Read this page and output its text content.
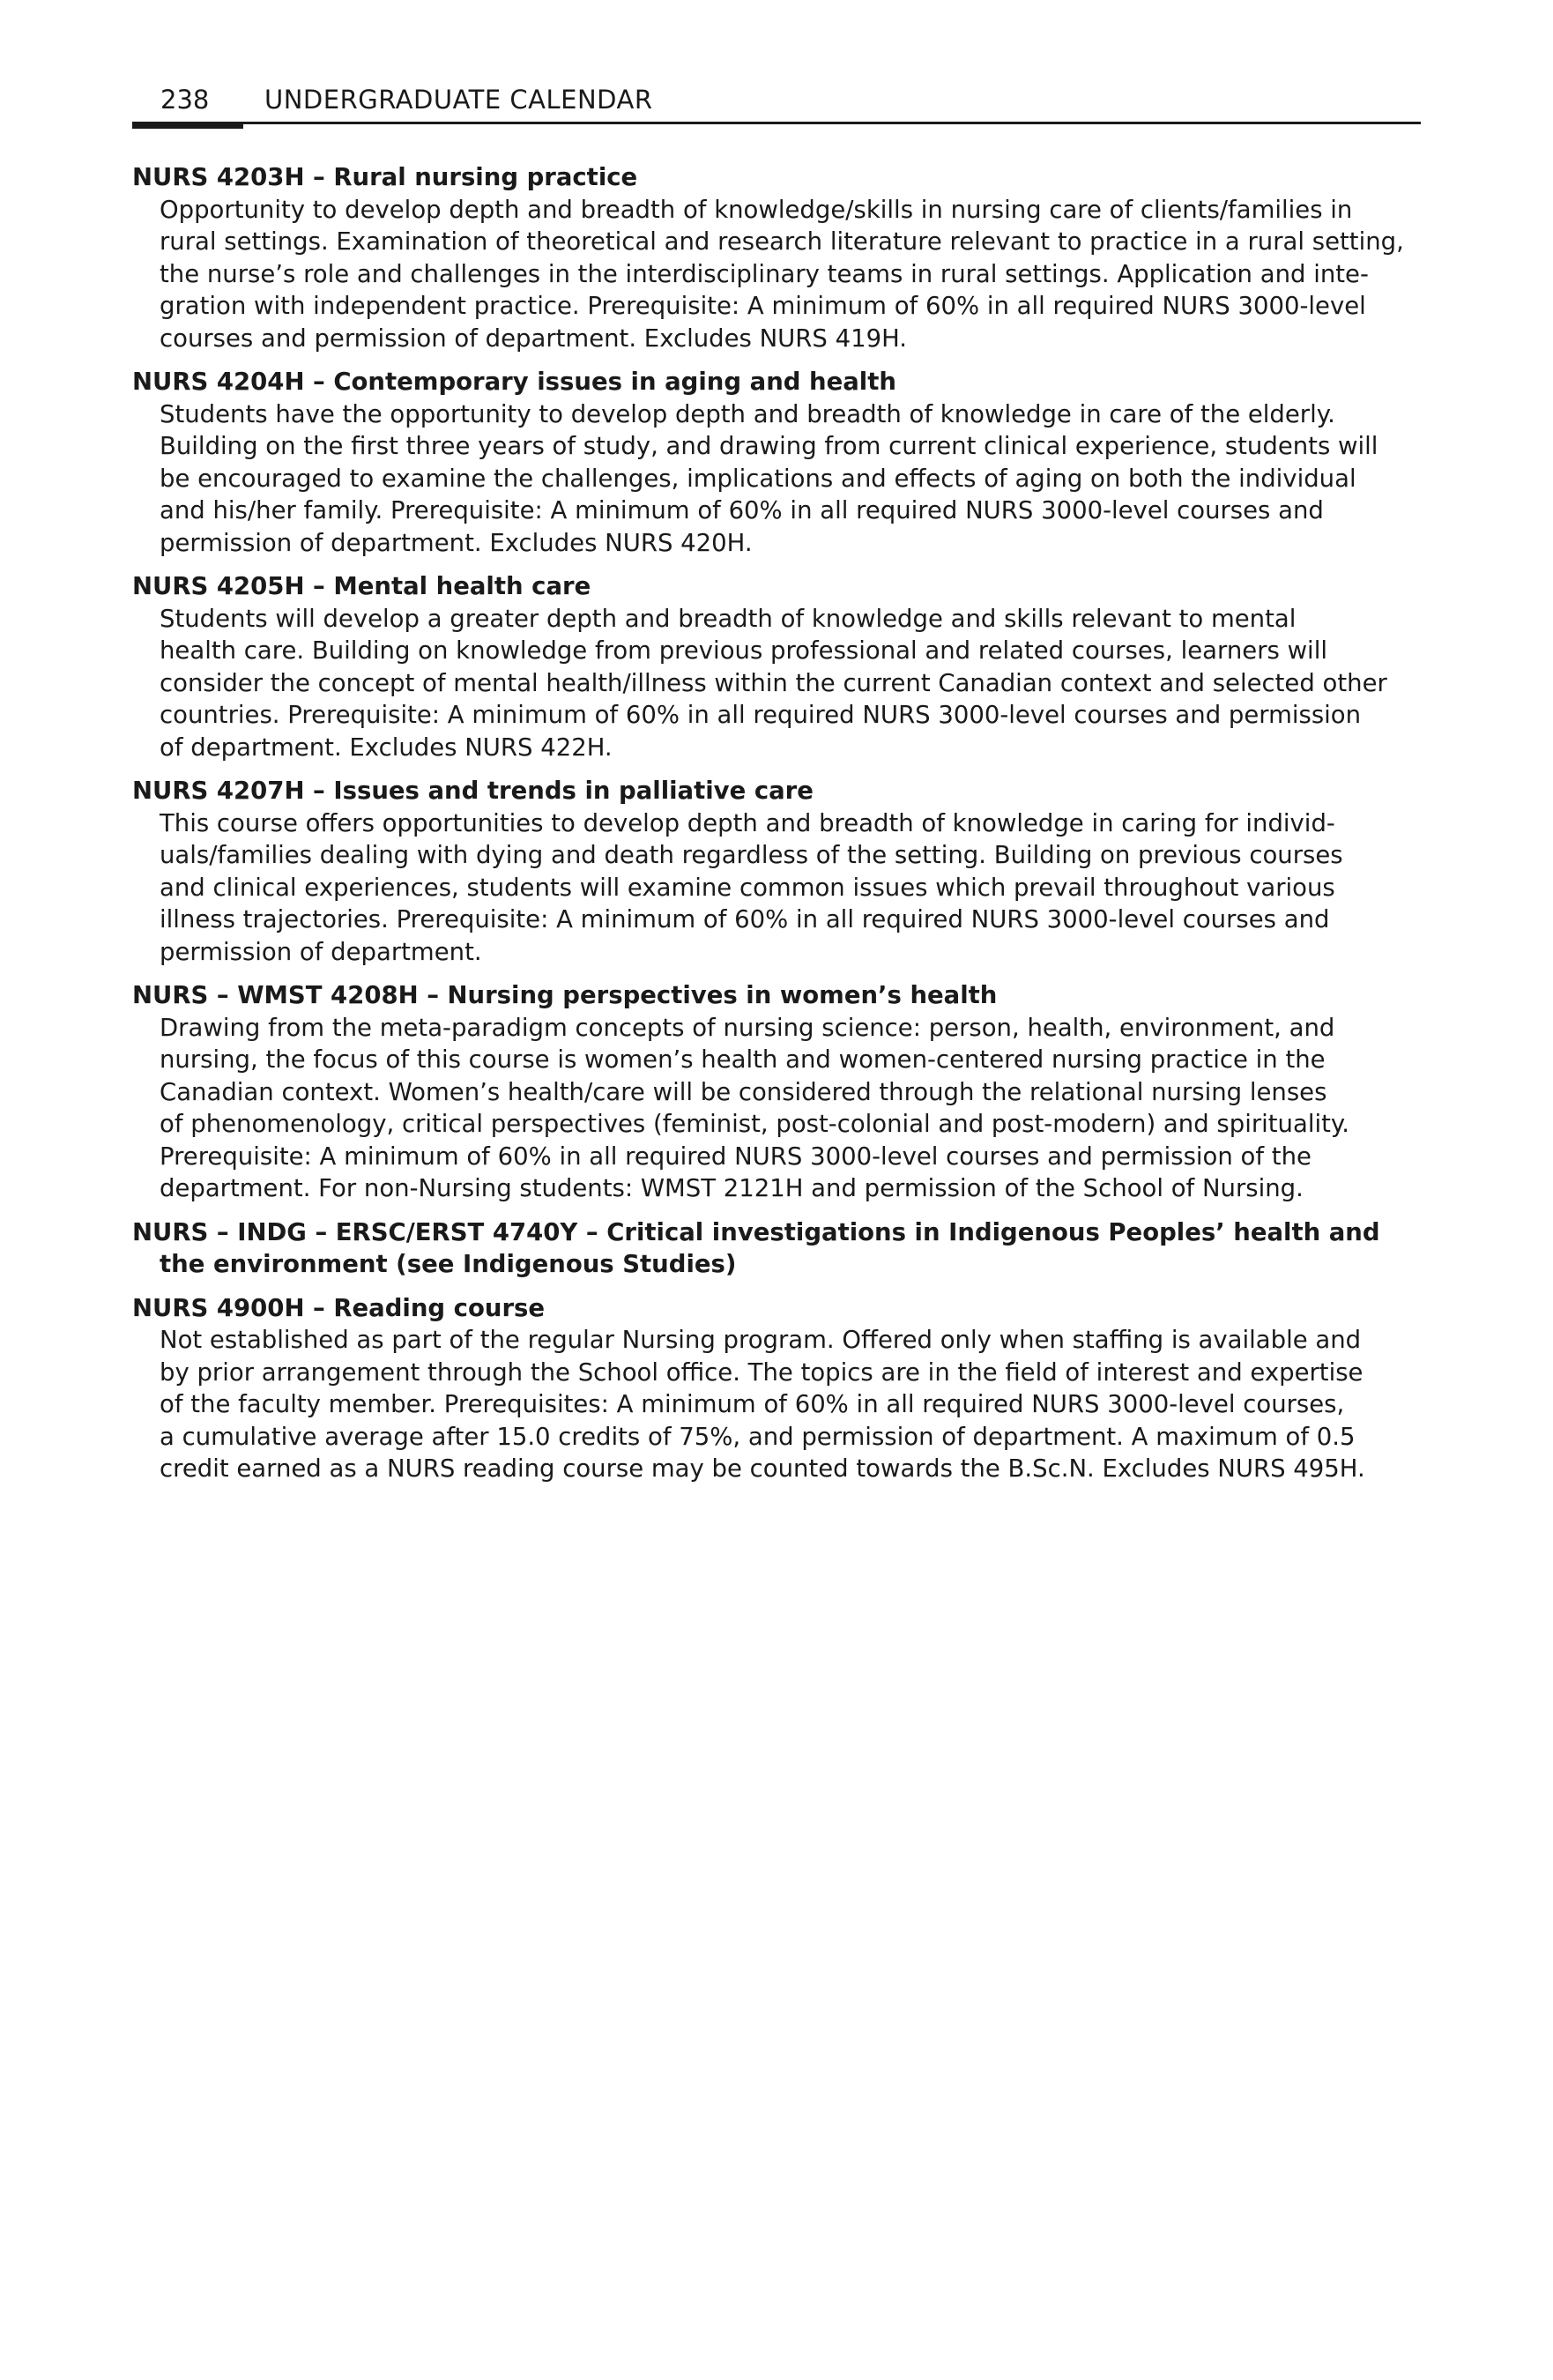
238 UNDERGRADUATE CALENDAR
NURS 4203H – Rural nursing practice
Opportunity to develop depth and breadth of knowledge/skills in nursing care of clients/families in
rural settings. Examination of theoretical and research literature relevant to practice in a rural setting,
the nurse’s role and challenges in the interdisciplinary teams in rural settings. Application and inte-
gration with independent practice. Prerequisite: A minimum of 60% in all required NURS 3000-level
courses and permission of department. Excludes NURS 419H.
NURS 4204H – Contemporary issues in aging and health
Students have the opportunity to develop depth and breadth of knowledge in care of the elderly.
Building on the first three years of study, and drawing from current clinical experience, students will
be encouraged to examine the challenges, implications and effects of aging on both the individual
and his/her family. Prerequisite: A minimum of 60% in all required NURS 3000-level courses and
permission of department. Excludes NURS 420H.
NURS 4205H – Mental health care
Students will develop a greater depth and breadth of knowledge and skills relevant to mental
health care. Building on knowledge from previous professional and related courses, learners will
consider the concept of mental health/illness within the current Canadian context and selected other
countries. Prerequisite: A minimum of 60% in all required NURS 3000-level courses and permission
of department. Excludes NURS 422H.
NURS 4207H – Issues and trends in palliative care
This course offers opportunities to develop depth and breadth of knowledge in caring for individ-
uals/families dealing with dying and death regardless of the setting. Building on previous courses
and clinical experiences, students will examine common issues which prevail throughout various
illness trajectories. Prerequisite: A minimum of 60% in all required NURS 3000-level courses and
permission of department.
NURS – WMST 4208H – Nursing perspectives in women’s health
Drawing from the meta-paradigm concepts of nursing science: person, health, environment, and
nursing, the focus of this course is women’s health and women-centered nursing practice in the
Canadian context. Women’s health/care will be considered through the relational nursing lenses
of phenomenology, critical perspectives (feminist, post-colonial and post-modern) and spirituality.
Prerequisite: A minimum of 60% in all required NURS 3000-level courses and permission of the
department. For non-Nursing students: WMST 2121H and permission of the School of Nursing.
NURS – INDG – ERSC/ERST 4740Y – Critical investigations in Indigenous Peoples’ health and
the environment (see Indigenous Studies)
NURS 4900H – Reading course
Not established as part of the regular Nursing program. Offered only when staffing is available and
by prior arrangement through the School office. The topics are in the field of interest and expertise
of the faculty member. Prerequisites: A minimum of 60% in all required NURS 3000-level courses,
a cumulative average after 15.0 credits of 75%, and permission of department. A maximum of 0.5
credit earned as a NURS reading course may be counted towards the B.Sc.N. Excludes NURS 495H.
